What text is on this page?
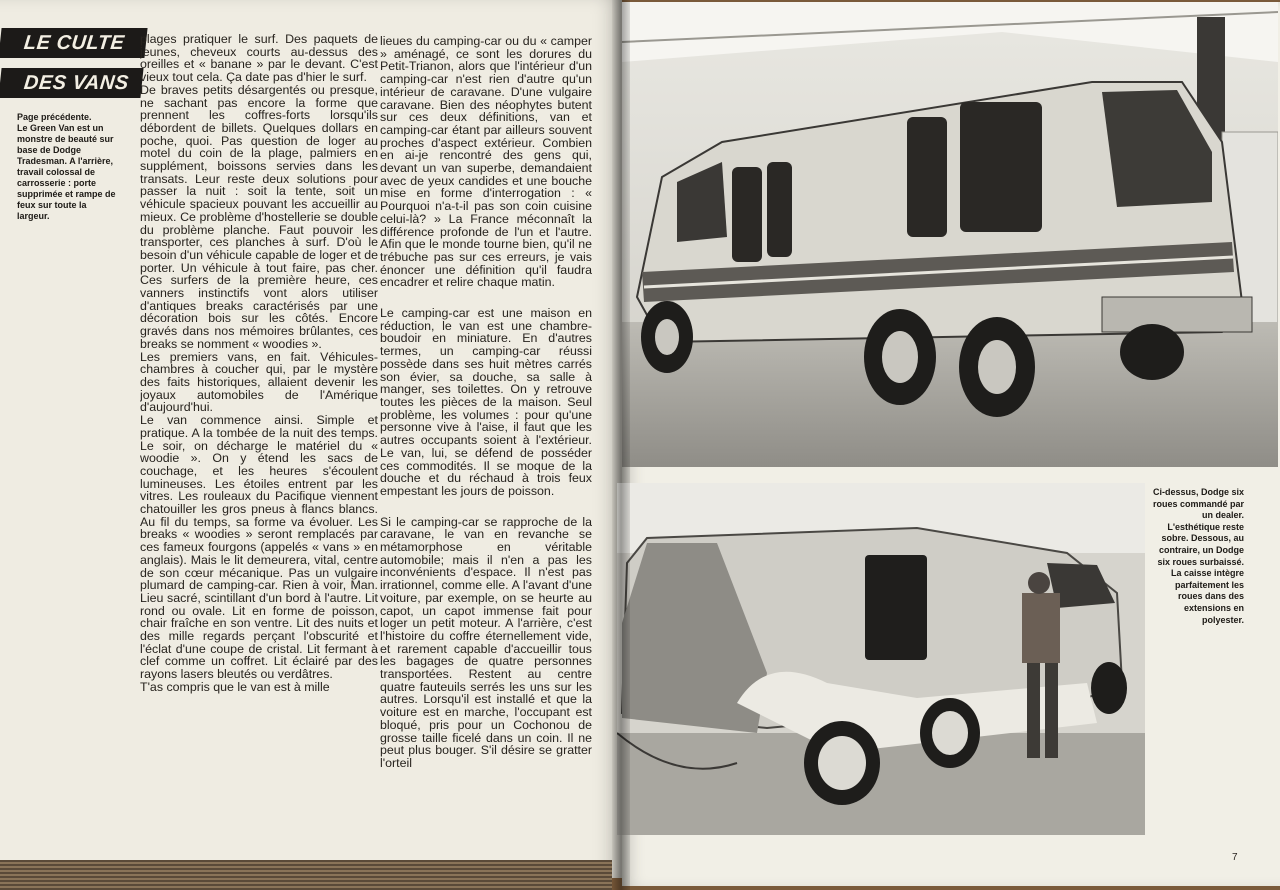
LE CULTE
DES VANS
Page précédente.
Le Green Van est un monstre de beauté sur base de Dodge Tradesman. A l'arrière, travail colossal de carrosserie : porte supprimée et rampe de feux sur toute la largeur.

plages pratiquer le surf. Des paquets de jeunes, cheveux courts au-dessus des oreilles et « banane » par le devant. C'est vieux tout cela. Ça date pas d'hier le surf.

De braves petits désargentés ou presque, ne sachant pas encore la forme que prennent les coffres-forts lorsqu'ils débordent de billets. Quelques dollars en poche, quoi. Pas question de loger au motel du coin de la plage, palmiers en supplément, boissons servies dans les transats. Leur reste deux solutions pour passer la nuit : soit la tente, soit un véhicule spacieux pouvant les accueillir au mieux. Ce problème d'hostellerie se double du problème planche. Faut pouvoir les transporter, ces planches à surf. D'où le besoin d'un véhicule capable de loger et de porter. Un véhicule à tout faire, pas cher. Ces surfers de la première heure, ces vanners instinctifs vont alors utiliser d'antiques breaks caractérisés par une décoration bois sur les côtés. Encore gravés dans nos mémoires brûlantes, ces breaks se nomment « woodies ».

Les premiers vans, en fait. Véhicules-chambres à coucher qui, par le mystère des faits historiques, allaient devenir les joyaux automobiles de l'Amérique d'aujourd'hui.

Le van commence ainsi. Simple et pratique. A la tombée de la nuit des temps. Le soir, on décharge le matériel du « woodie ». On y étend les sacs de couchage, et les heures s'écoulent lumineuses. Les étoiles entrent par les vitres. Les rouleaux du Pacifique viennent chatouiller les gros pneus à flancs blancs. Au fil du temps, sa forme va évoluer. Les breaks « woodies » seront remplacés par ces fameux fourgons (appelés « vans » en anglais). Mais le lit demeurera, vital, centre de son cœur mécanique. Pas un vulgaire plumard de camping-car. Rien à voir, Man. Lieu sacré, scintillant d'un bord à l'autre. Lit rond ou ovale. Lit en forme de poisson, chair fraîche en son ventre. Lit des nuits et des mille regards perçant l'obscurité et l'éclat d'une coupe de cristal. Lit fermant à clef comme un coffret. Lit éclairé par des rayons lasers bleutés ou verdâtres.

T'as compris que le van est à mille

lieues du camping-car ou du « camper » aménagé, ce sont les dorures du Petit-Trianon, alors que l'intérieur d'un camping-car n'est rien d'autre qu'un intérieur de caravane. D'une vulgaire caravane. Bien des néophytes butent sur ces deux définitions, van et camping-car étant par ailleurs souvent proches d'aspect extérieur. Combien en ai-je rencontré des gens qui, devant un van superbe, demandaient avec de yeux candides et une bouche mise en forme d'interrogation : « Pourquoi n'a-t-il pas son coin cuisine celui-là? » La France méconnaît la différence profonde de l'un et l'autre. Afin que le monde tourne bien, qu'il ne trébuche pas sur ces erreurs, je vais énoncer une définition qu'il faudra encadrer et relire chaque matin.

Le camping-car est une maison en réduction, le van est une chambre-boudoir en miniature. En d'autres termes, un camping-car réussi possède dans ses huit mètres carrés son évier, sa douche, sa salle à manger, ses toilettes. On y retrouve toutes les pièces de la maison. Seul problème, les volumes : pour qu'une personne vive à l'aise, il faut que les autres occupants soient à l'extérieur. Le van, lui, se défend de posséder ces commodités. Il se moque de la douche et du réchaud à trois feux empestant les jours de poisson.

Si le camping-car se rapproche de la caravane, le van en revanche se métamorphose en véritable automobile; mais il n'en a pas les inconvénients d'espace. Il n'est pas irrationnel, comme elle. A l'avant d'une voiture, par exemple, on se heurte au capot, un capot immense fait pour loger un petit moteur. A l'arrière, c'est l'histoire du coffre éternellement vide, et rarement capable d'accueillir tous les bagages de quatre personnes transportées. Restent au centre quatre fauteuils serrés les uns sur les autres. Lorsqu'il est installé et que la voiture est en marche, l'occupant est bloqué, pris pour un Cochonou de grosse taille ficelé dans un coin. Il ne peut plus bouger. S'il désire se gratter l'orteil

Ci-dessus, Dodge six roues commandé par un dealer. L'esthétique reste sobre. Dessous, au contraire, un Dodge six roues surbaissé. La caisse intègre parfaitement les roues dans des extensions en polyester.
7
